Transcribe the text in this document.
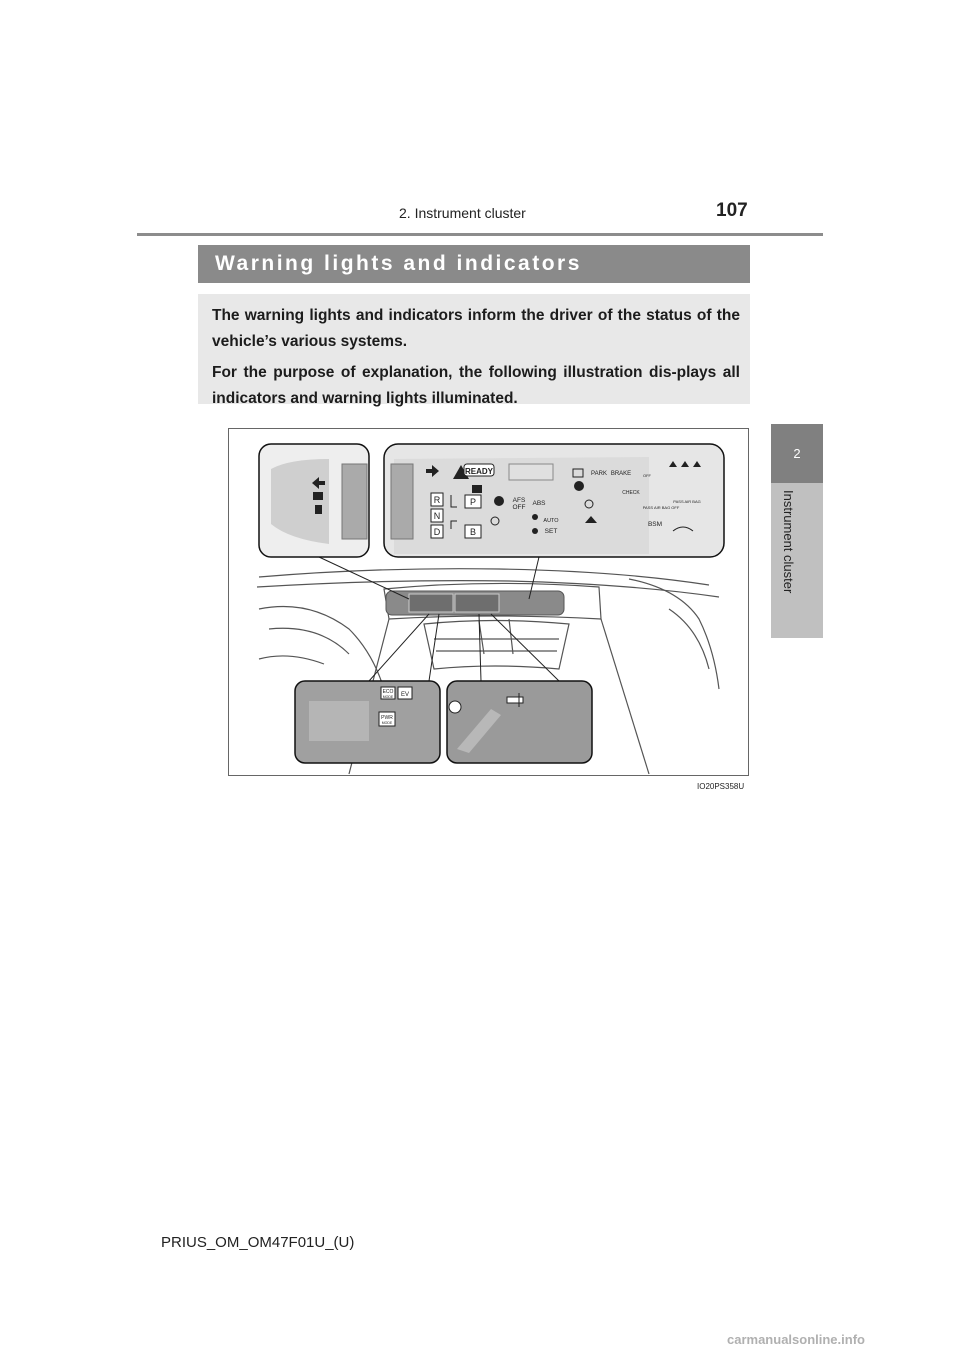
2. Instrument cluster	107
2
Instrument cluster
Warning lights and indicators

The warning lights and indicators inform the driver of the status of the vehicle’s various systems.

For the purpose of explanation, the following illustration dis-plays all indicators and warning lights illuminated.

READY
R
N
D
P
B
AFS
OFF
ABS
AUTO
SET
PARK BRAKE
CHECK
BSM
PASS AIR BAG OFF
PASS AIR BAG
OFF
ECO
MODE EV
PWR
MODE
IO20PS358U
PRIUS_OM_OM47F01U_(U)
carmanualsonline.info
